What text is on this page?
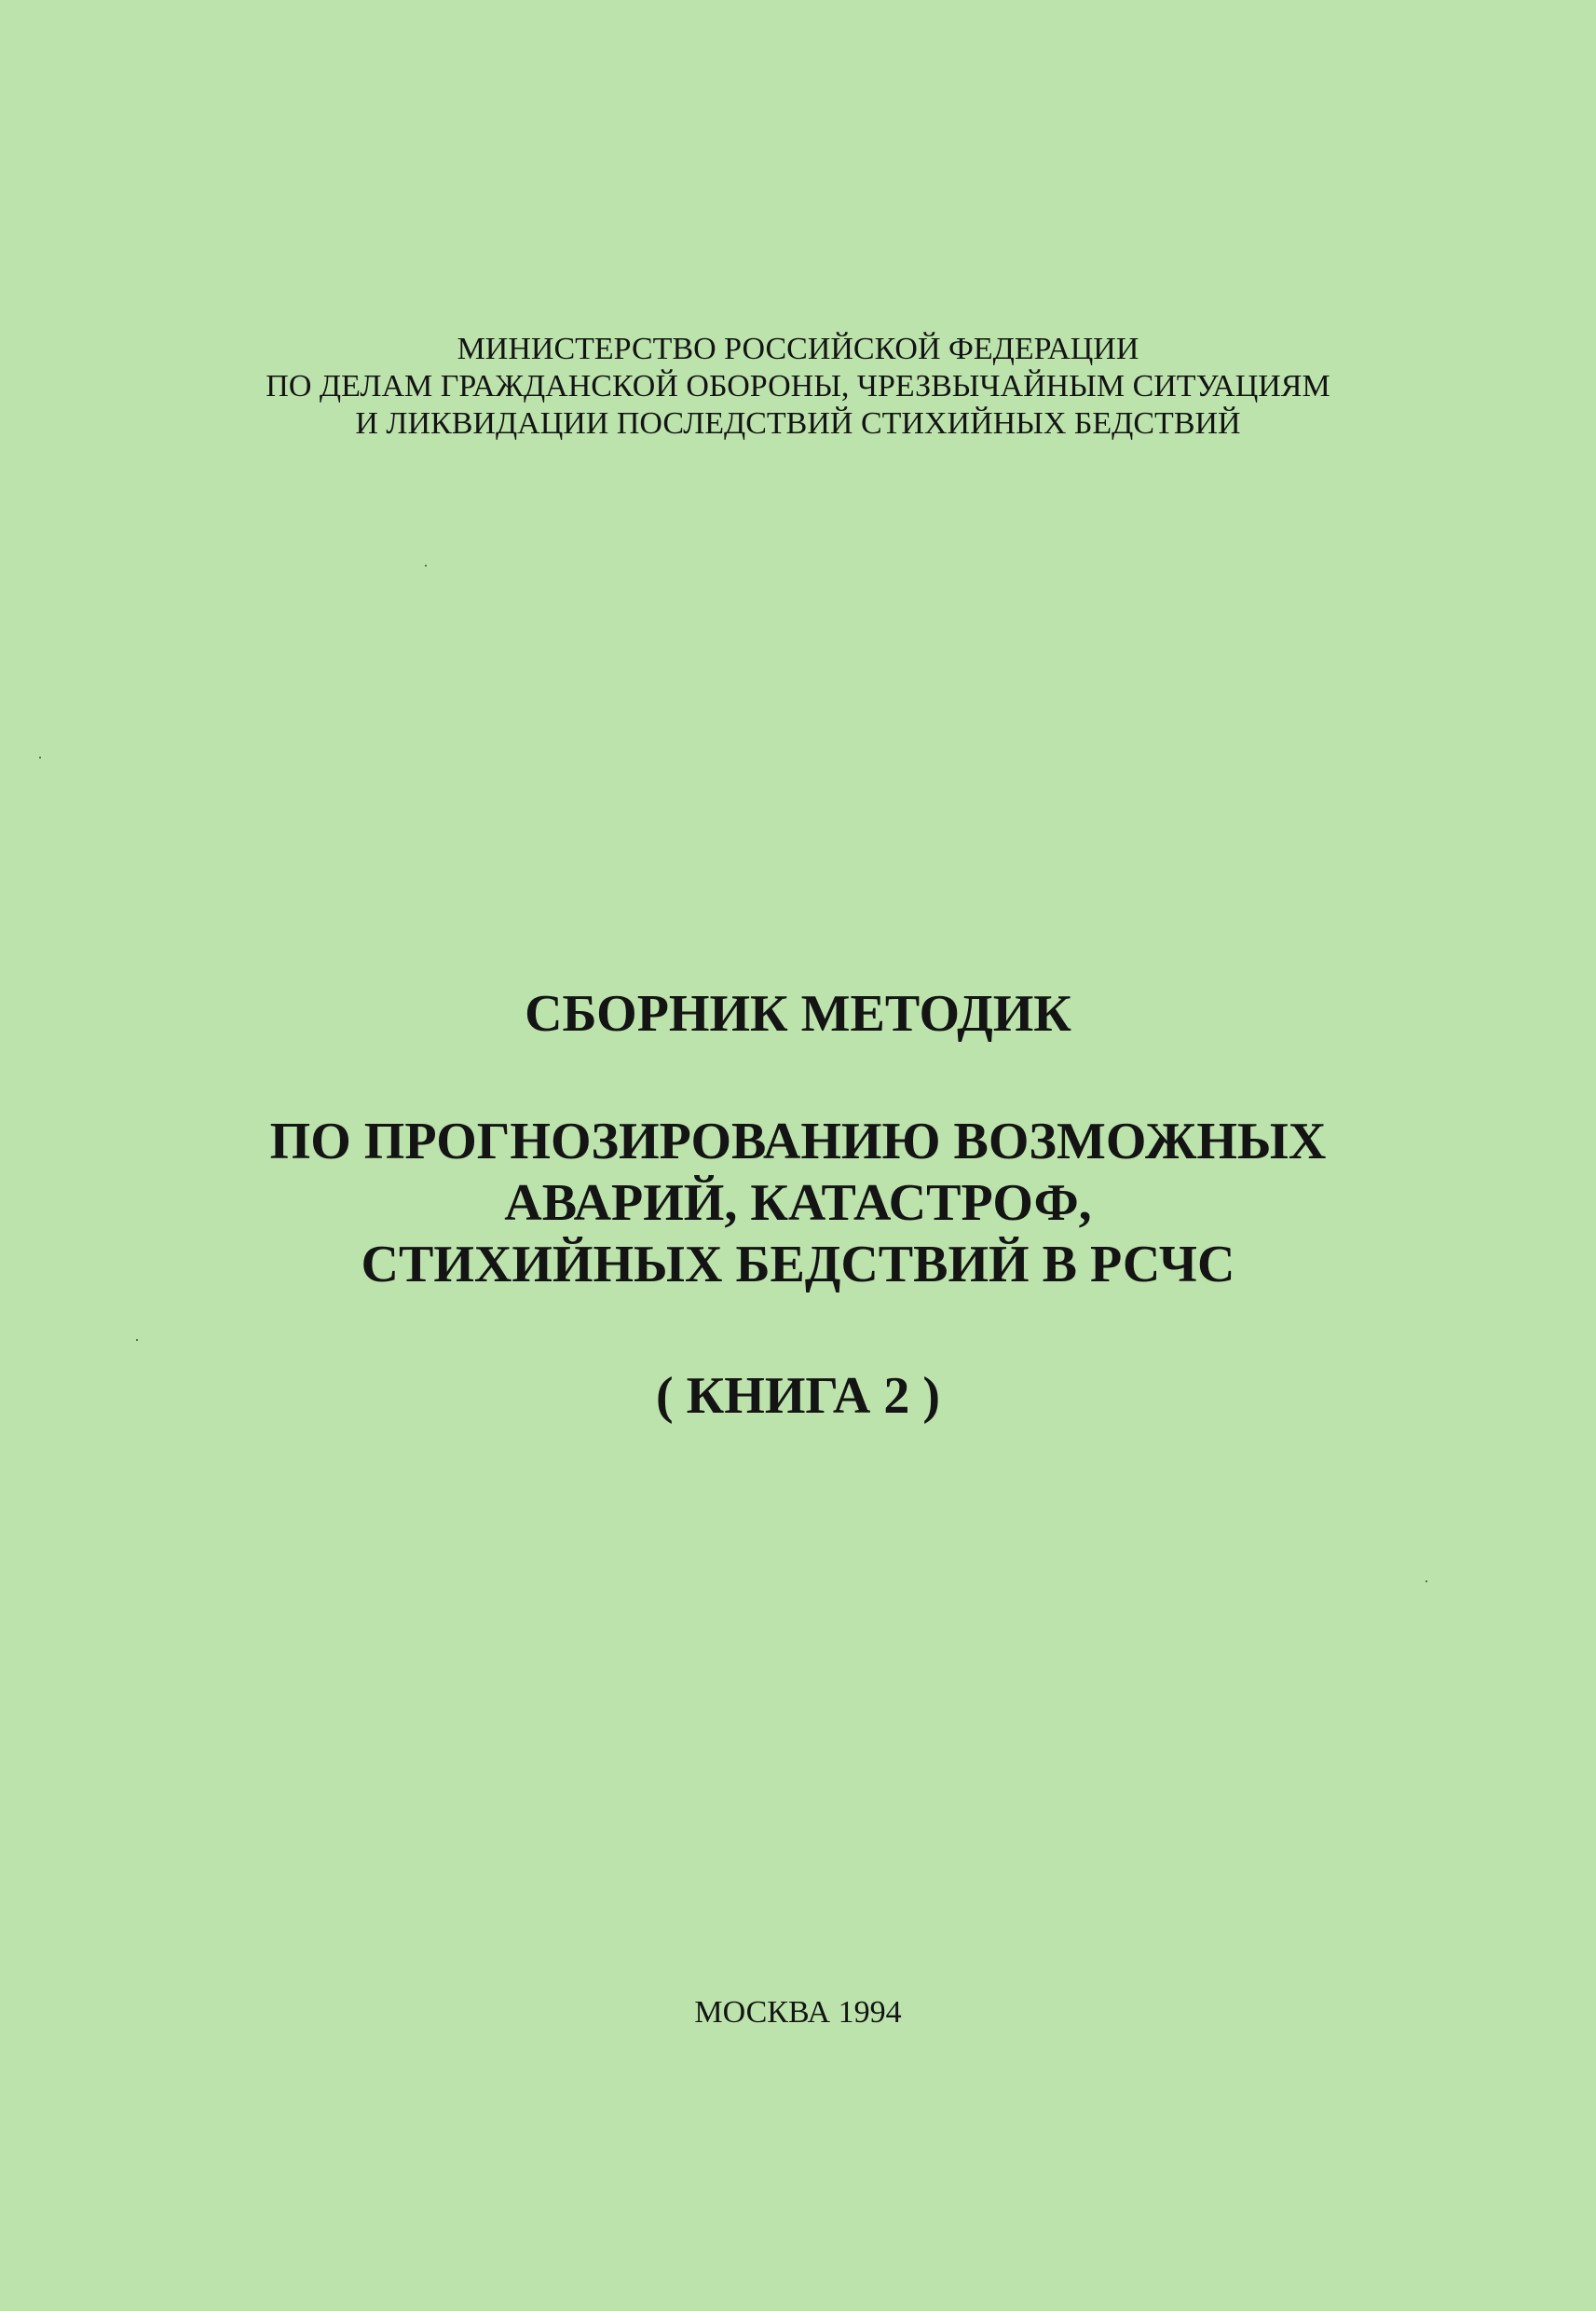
МИНИСТЕРСТВО РОССИЙСКОЙ ФЕДЕРАЦИИ
ПО ДЕЛАМ ГРАЖДАНСКОЙ ОБОРОНЫ, ЧРЕЗВЫЧАЙНЫМ СИТУАЦИЯМ
И ЛИКВИДАЦИИ ПОСЛЕДСТВИЙ СТИХИЙНЫХ БЕДСТВИЙ
СБОРНИК МЕТОДИК
ПО ПРОГНОЗИРОВАНИЮ ВОЗМОЖНЫХ
АВАРИЙ, КАТАСТРОФ,
СТИХИЙНЫХ БЕДСТВИЙ В РСЧС
( КНИГА 2 )
МОСКВА 1994
